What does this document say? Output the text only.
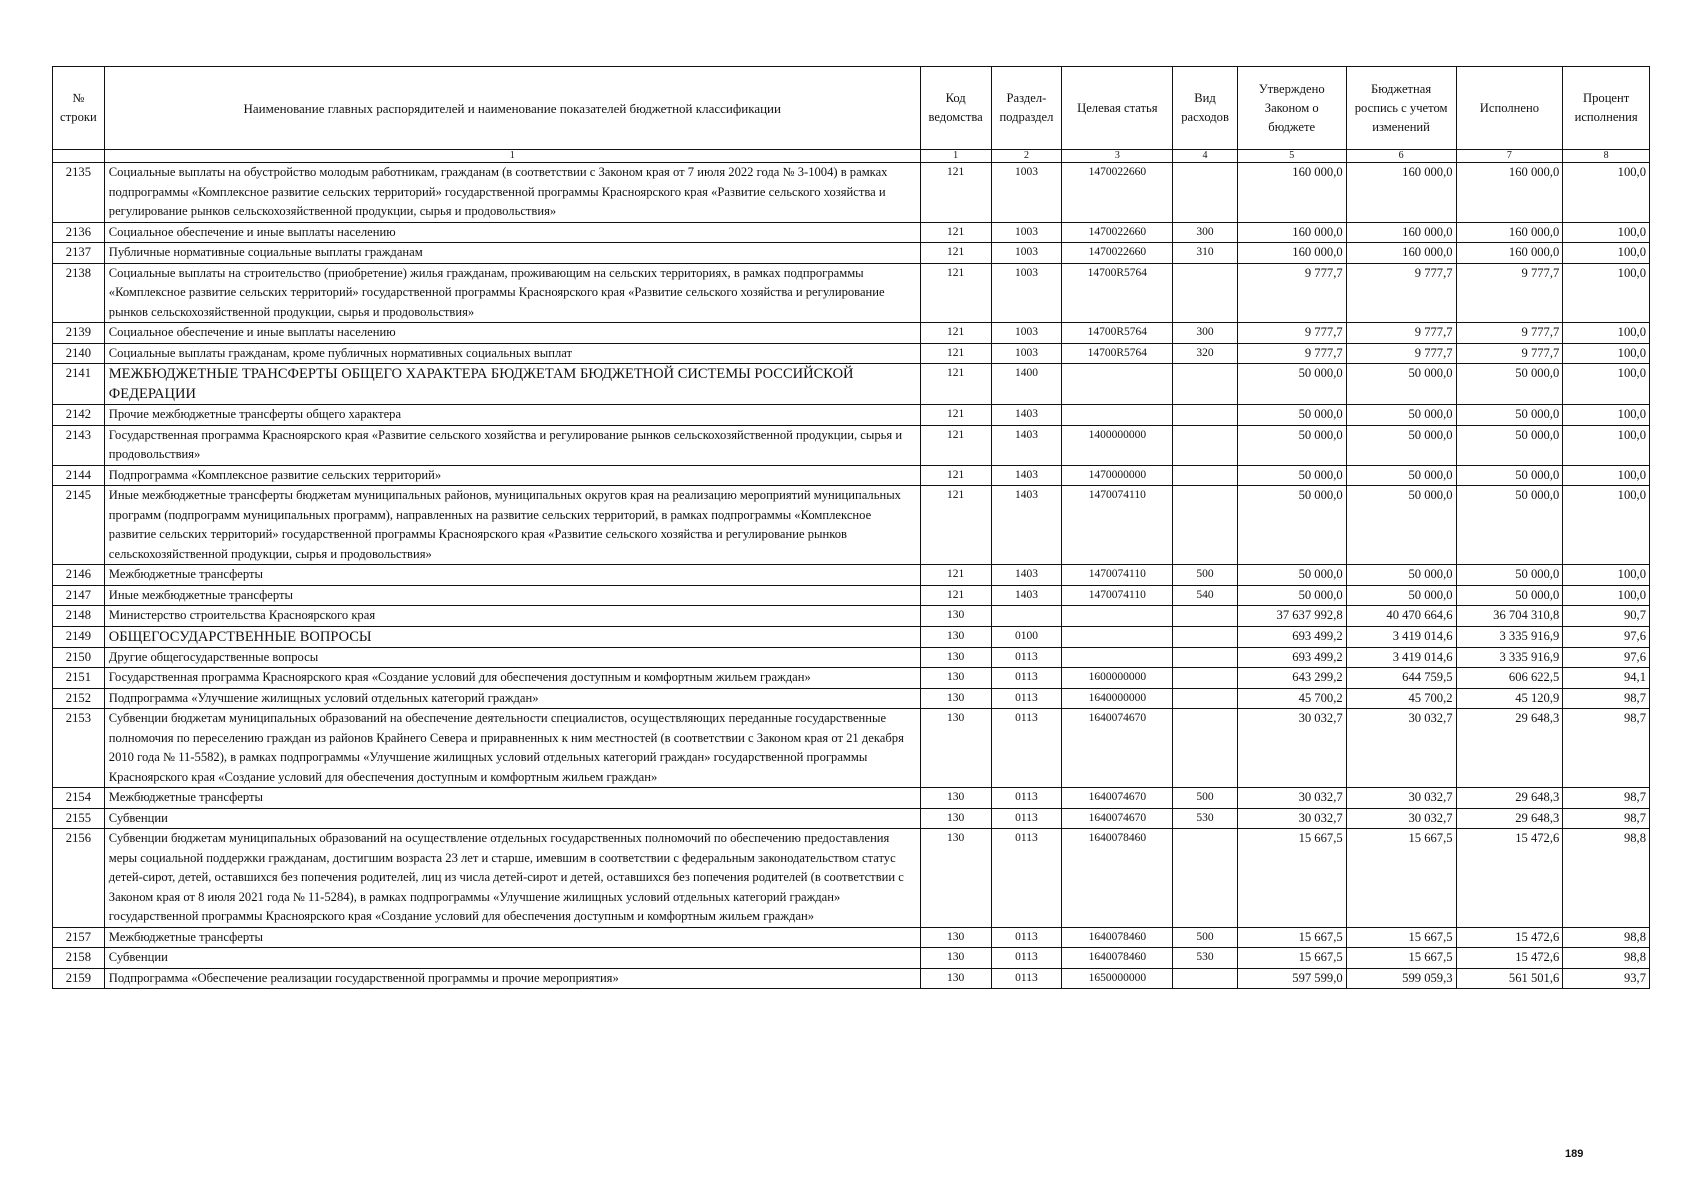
№ строки	Наименование главных распорядителей и наименование показателей бюджетной классификации	Код ведомства	Раздел-подраздел	Целевая статья	Вид расходов	Утверждено Законом о бюджете	Бюджетная роспись с учетом изменений	Исполнено	Процент исполнения
	1	1	2	3	4	5	6	7	8
2135	Социальные выплаты на обустройство молодым работникам, гражданам (в соответствии с Законом края от 7 июля 2022 года № 3-1004) в рамках подпрограммы «Комплексное развитие сельских территорий» государственной программы Красноярского края «Развитие сельского хозяйства и регулирование рынков сельскохозяйственной продукции, сырья и продовольствия»	121	1003	1470022660		160 000,0	160 000,0	160 000,0	100,0
2136	Социальное обеспечение и иные выплаты населению	121	1003	1470022660	300	160 000,0	160 000,0	160 000,0	100,0
2137	Публичные нормативные социальные выплаты гражданам	121	1003	1470022660	310	160 000,0	160 000,0	160 000,0	100,0
2138	Социальные выплаты на строительство (приобретение) жилья гражданам, проживающим на сельских территориях, в рамках подпрограммы «Комплексное развитие сельских территорий» государственной программы Красноярского края «Развитие сельского хозяйства и регулирование рынков сельскохозяйственной продукции, сырья и продовольствия»	121	1003	14700R5764		9 777,7	9 777,7	9 777,7	100,0
2139	Социальное обеспечение и иные выплаты населению	121	1003	14700R5764	300	9 777,7	9 777,7	9 777,7	100,0
2140	Социальные выплаты гражданам, кроме публичных нормативных социальных выплат	121	1003	14700R5764	320	9 777,7	9 777,7	9 777,7	100,0
2141	МЕЖБЮДЖЕТНЫЕ ТРАНСФЕРТЫ ОБЩЕГО ХАРАКТЕРА БЮДЖЕТАМ БЮДЖЕТНОЙ СИСТЕМЫ РОССИЙСКОЙ ФЕДЕРАЦИИ	121	1400			50 000,0	50 000,0	50 000,0	100,0
2142	Прочие межбюджетные трансферты общего характера	121	1403			50 000,0	50 000,0	50 000,0	100,0
2143	Государственная программа Красноярского края «Развитие сельского хозяйства и регулирование рынков сельскохозяйственной продукции, сырья и продовольствия»	121	1403	1400000000		50 000,0	50 000,0	50 000,0	100,0
2144	Подпрограмма «Комплексное развитие сельских территорий»	121	1403	1470000000		50 000,0	50 000,0	50 000,0	100,0
2145	Иные межбюджетные трансферты бюджетам муниципальных районов, муниципальных округов края на реализацию мероприятий муниципальных программ (подпрограмм муниципальных программ), направленных на развитие сельских территорий, в рамках подпрограммы «Комплексное развитие сельских территорий» государственной программы Красноярского края «Развитие сельского хозяйства и регулирование рынков сельскохозяйственной продукции, сырья и продовольствия»	121	1403	1470074110		50 000,0	50 000,0	50 000,0	100,0
2146	Межбюджетные трансферты	121	1403	1470074110	500	50 000,0	50 000,0	50 000,0	100,0
2147	Иные межбюджетные трансферты	121	1403	1470074110	540	50 000,0	50 000,0	50 000,0	100,0
2148	Министерство строительства Красноярского края	130				37 637 992,8	40 470 664,6	36 704 310,8	90,7
2149	ОБЩЕГОСУДАРСТВЕННЫЕ ВОПРОСЫ	130	0100			693 499,2	3 419 014,6	3 335 916,9	97,6
2150	Другие общегосударственные вопросы	130	0113			693 499,2	3 419 014,6	3 335 916,9	97,6
2151	Государственная программа Красноярского края «Создание условий для обеспечения доступным и комфортным жильем граждан»	130	0113	1600000000		643 299,2	644 759,5	606 622,5	94,1
2152	Подпрограмма «Улучшение жилищных условий отдельных категорий граждан»	130	0113	1640000000		45 700,2	45 700,2	45 120,9	98,7
2153	Субвенции бюджетам муниципальных образований на обеспечение деятельности специалистов, осуществляющих переданные государственные полномочия по переселению граждан из районов Крайнего Севера и приравненных к ним местностей (в соответствии с Законом края от 21 декабря 2010 года № 11-5582), в рамках подпрограммы «Улучшение жилищных условий отдельных категорий граждан» государственной программы Красноярского края «Создание условий для обеспечения доступным и комфортным жильем граждан»	130	0113	1640074670		30 032,7	30 032,7	29 648,3	98,7
2154	Межбюджетные трансферты	130	0113	1640074670	500	30 032,7	30 032,7	29 648,3	98,7
2155	Субвенции	130	0113	1640074670	530	30 032,7	30 032,7	29 648,3	98,7
2156	Субвенции бюджетам муниципальных образований на осуществление отдельных государственных полномочий по обеспечению предоставления меры социальной поддержки гражданам, достигшим возраста 23 лет и старше, имевшим в соответствии с федеральным законодательством статус детей-сирот, детей, оставшихся без попечения родителей, лиц из числа детей-сирот и детей, оставшихся без попечения родителей (в соответствии с Законом края от 8 июля 2021 года № 11-5284), в рамках подпрограммы «Улучшение жилищных условий отдельных категорий граждан» государственной программы Красноярского края «Создание условий для обеспечения доступным и комфортным жильем граждан»	130	0113	1640078460		15 667,5	15 667,5	15 472,6	98,8
2157	Межбюджетные трансферты	130	0113	1640078460	500	15 667,5	15 667,5	15 472,6	98,8
2158	Субвенции	130	0113	1640078460	530	15 667,5	15 667,5	15 472,6	98,8
2159	Подпрограмма «Обеспечение реализации государственной программы и прочие мероприятия»	130	0113	1650000000		597 599,0	599 059,3	561 501,6	93,7
189
